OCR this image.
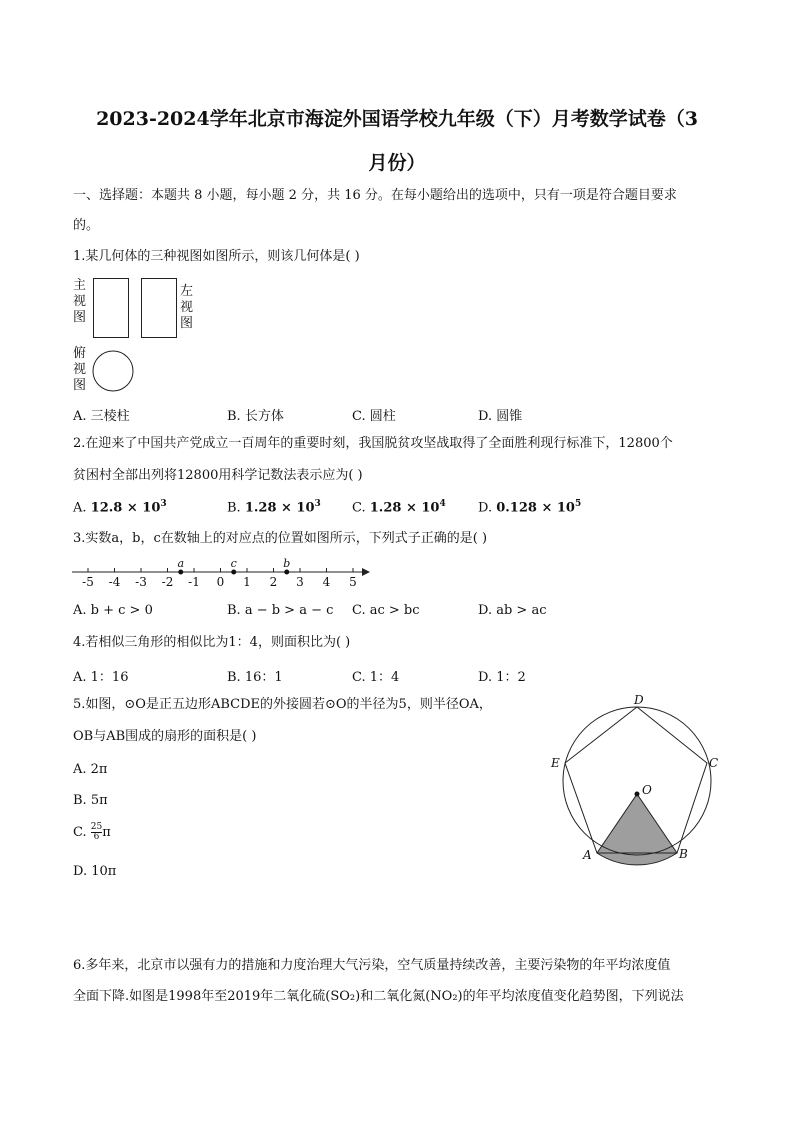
2023-2024学年北京市海淀外国语学校九年级（下）月考数学试卷（3
月份）
一、选择题：本题共 8 小题，每小题 2 分，共 16 分。在每小题给出的选项中，只有一项是符合题目要求
的。
1.某几何体的三种视图如图所示，则该几何体是( )
主视图
左视图
俯视图
A. 三棱柱	B. 长方体	C. 圆柱	D. 圆锥
2.在迎来了中国共产党成立一百周年的重要时刻，我国脱贫攻坚战取得了全面胜利现行标准下，12800个
贫困村全部出列将12800用科学记数法表示应为( )
A. $12.8 \times 10^3$	B. $1.28 \times 10^3$ C. $1.28 \times 10^4$ D. $0.128 \times 10^5$
3.实数a，b，c在数轴上的对应点的位置如图所示，下列式子正确的是( )
-5 -4 -3 -2 -1 0 1 2 3 4 5
a	c	b
A. b + c > 0	B. a − b > a − c C. ac > bc	D. ab > ac
4.若相似三角形的相似比为1：4，则面积比为( )
A. 1：16	B. 16：1	C. 1：4	D. 1：2
5.如图，⊙O是正五边形ABCDE的外接圆若⊙O的半径为5，则半径OA，
OB与AB围成的扇形的面积是( )
A. 2π
B. 5π
C. $\frac{25}{6}$ π
D. 10π
D
E	C
O
A	B
6.多年来，北京市以强有力的措施和力度治理大气污染，空气质量持续改善，主要污染物的年平均浓度值
全面下降.如图是1998年至2019年二氧化硫(SO₂)和二氧化氮(NO₂)的年平均浓度值变化趋势图，下列说法
